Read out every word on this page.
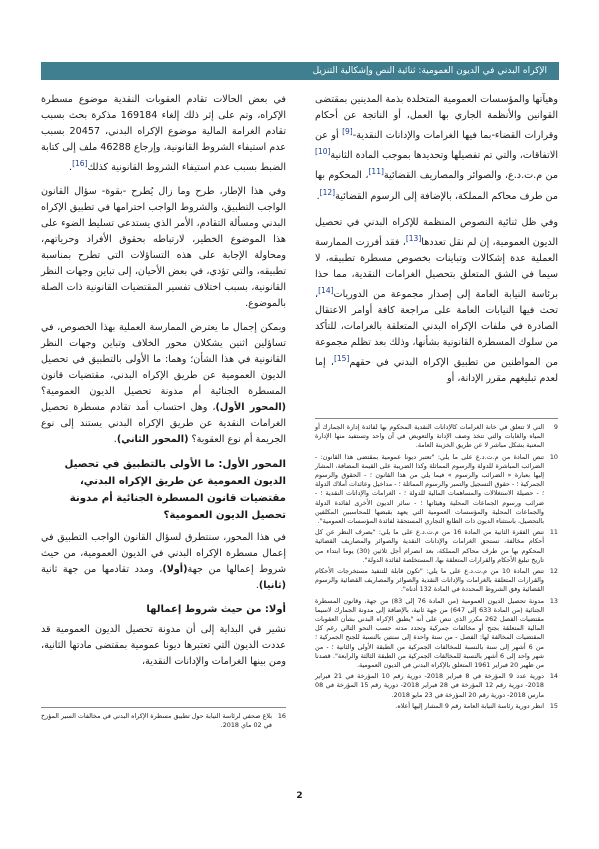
الإكراه البدني في الديون العمومية: ثنائية النص وإشكالية التنزيل

وهيآتها والمؤسسات العمومية المتخلدة بذمة المدينين بمقتضى القوانين والأنظمة الجاري بها العمل، أو الناتجة عن أحكام وقرارات القضاء-بما فيها الغرامات والإدانات النقدية-[9] أو عن الاتفاقات، والتي تم تفصيلها وتحديدها بموجب المادة الثانية[10] من م.ت.د.ع، والصوائر والمصاريف القضائية[11]، المحكوم بها من طرف محاكم المملكة، بالإضافة إلى الرسوم القضائية[12].

وفي ظل ثنائية النصوص المنظمة للإكراه البدني في تحصيل الديون العمومية، إن لم نقل تعددها[13]، فقد أفرزت الممارسة العملية عدة إشكالات وتباينات بخصوص مسطرة تطبيقه، لا سيما في الشق المتعلق بتحصيل الغرامات النقدية، مما حذا برئاسة النيابة العامة إلى إصدار مجموعة من الدوريات[14]، تحث فيها النيابات العامة على مراجعة كافة أوامر الاعتقال الصادرة في ملفات الإكراه البدني المتعلقة بالغرامات، للتأكد من سلوك المسطرة القانونية بشأنها، وذلك بعد تظلم مجموعة من المواطنين من تطبيق الإكراه البدني في حقهم[15]، إما لعدم تبليغهم مقرر الإدانة، أو

9
التي لا تتعلق في خانة الغرامات كالإدانات النقدية المحكوم بها لفائدة إدارة الجمارك أو المياه والغابات والتي تتخذ وصف الإدانة والتعويض في آن واحد وتستفيد منها الإدارة المعنية بشكل مباشر لا عن طريق الخزينة العامة.
10
تنص المادة من م.ت.د.ع على ما يلي: "تعتبر ديونا عمومية بمقتضى هذا القانون: - الضرائب المباشرة للدولة والرسوم المماثلة وكذا الضريبة على القيمة المضافة، المشار إليها بعبارة « الضرائب والرسوم » فيما يلي من هذا القانون ؛ - الحقوق والرسوم الجمركية ؛ - حقوق التسجيل والتمبر والرسوم المماثلة ؛ - مداخيل وعائدات أملاك الدولة ؛ - حصيلة الاستغلالات والمساهمات المالية للدولة ؛ - الغرامات والإدانات النقدية ؛ - ضرائب ورسوم الجماعات المحلية وهيئاتها ؛ - سائر الديون الأخرى لفائدة الدولة والجماعات المحلية والمؤسسات العمومية التي يعهد بقبضها للمحاسبين المكلفين بالتحصيل، باستثناء الديون ذات الطابع التجاري المستحقة لفائدة المؤسسات العمومية".
11
تنص الفقرة الثانية من المادة 16 من م.ت.د.ع على ما يلي: "بصرف النظر عن كل أحكام مخالفة، تستحق الغرامات والإدانات النقدية والصوائر والمصاريف القضائية المحكوم بها من طرف محاكم المملكة، بعد انصرام أجل ثلاثين (30) يوما ابتداء من تاريخ تبليغ الأحكام والقرارات المتعلقة بها، المستخلصة لفائدة الدولة".
12
تنص المادة 10 من م.ت.د.ع على ما يلي: "تكون قابلة للتنفيذ مستخرجات الأحكام والقرارات المتعلقة بالغرامات والإدانات النقدية والصوائر والمصاريف القضائية والرسوم القضائية وفق الشروط المحددة في المادة 132 أدناه".
13
مدونة تحصيل الديون العمومية (من المادة 76 إلى 83) من جهة، وقانون المسطرة الجنائية (من المادة 633 إلى 647) من جهة ثانية، بالإضافة إلى مدونة الجمارك لاسيما مقتضيات الفصل 262 مكرر الذي تنص على أنه "يطبق الإكراه البدني بشأن العقوبات المالية المتعلقة بجنح أو مخالفات جمركية وتحدد مدته حسب النحو التالي رغم كل المقتضيات المخالفة لها: الفصل - من سنة واحدة إلى سنتين بالنسبة للجنح الجمركية ؛ من 6 أشهر إلى سنة بالنسبة للمخالفات الجمركية من الطبقة الأولى والثانية ؛ - من شهر واحد إلى 6 أشهر بالنسبة للمخالفات الجمركية من الطبقة الثالثة والرابعة". قصدنا من ظهير 20 فبراير 1961 المتعلق بالإكراه البدني في الديون العمومية.
14
دورية عدد 9 المؤرخة في 8 فبراير 2018- دورية رقم 10 المؤرخة في 21 فبراير 2018- دورية رقم 12 المؤرخة في 28 فبراير 2018- دورية رقم 15 المؤرخة في 08 مارس 2018- دورية رقم 20 المؤرخة في 23 مايو 2018.
15
انظر دورية رئاسة النيابة العامة رقم 9 المشار إليها أعلاه.

في بعض الحالات تقادم العقوبات النقدية موضوع مسطرة الإكراه، وتم على إثر ذلك إلغاء 169184 مذكرة بحث بسبب تقادم الغرامة المالية موضوع الإكراه البدني، 20457 بسبب عدم استيفاء الشروط القانونية، وإرجاع 46288 ملف إلى كتابة الضبط بسبب عدم استيفاء الشروط القانونية كذلك[16].

وفي هذا الإطار، طرح وما زال يُطرح -بقوة- سؤال القانون الواجب التطبيق، والشروط الواجب احترامها في تطبيق الإكراه البدني ومسألة التقادم، الأمر الذي يستدعي تسليط الضوء على هذا الموضوع الخطير، لارتباطه بحقوق الأفراد وحرياتهم، ومحاولة الإجابة على هذه التساؤلات التي تطرح بمناسبة تطبيقه، والتي تؤدي، في بعض الأحيان، إلى تباين وجهات النظر القانونية، بسبب اختلاف تفسير المقتضيات القانونية ذات الصلة بالموضوع.

وبمكن إجمال ما يعترض الممارسة العملية بهذا الخصوص، في تساؤلين اثنين يشكلان محور الخلاف وتباين وجهات النظر القانونية في هذا الشأن؛ وهما: ما الأولى بالتطبيق في تحصيل الديون العمومية عن طريق الإكراه البدني، مقتضيات قانون المسطرة الجنائية أم مدونة تحصيل الديون العمومية؟ (المحور الأول)، وهل احتساب أمد تقادم مسطرة تحصيل الغرامات النقدية عن طريق الإكراه البدني يستند إلى نوع الجريمة أم نوع العقوبة؟ (المحور الثاني).

المحور الأول: ما الأولى بالتطبيق في تحصيل الديون العمومية عن طريق الإكراه البدني، مقتضيات قانون المسطرة الجنائية أم مدونة تحصيل الديون العمومية؟

في هذا المحور، سنتطرق لسؤال القانون الواجب التطبيق في إعمال مسطرة الإكراه البدني في الديون العمومية، من حيث شروط إعمالها من جهة(أولا)، ومدد تقادمها من جهة ثانية (ثانيا).

أولا: من حيث شروط إعمالها

نشير في البداية إلى أن مدونة تحصيل الديون العمومية قد عددت الديون التي تعتبرها ديونا عمومية بمقتضى مادتها الثانية، ومن بينها الغرامات والإدانات النقدية،

16
بلاغ صحفي لرئاسة النيابة حول تطبيق مسطرة الإكراه البدني في مخالفات السير المؤرخ في 02 ماي 2018.
2
